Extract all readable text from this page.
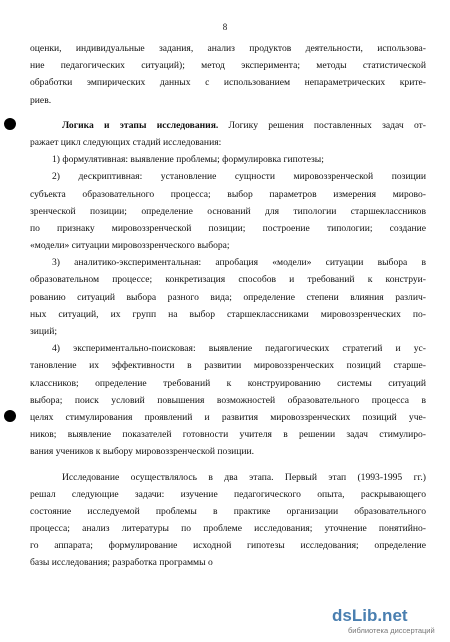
8
оценки, индивидуальные задания, анализ продуктов деятельности, использова-
ние педагогических ситуаций); метод эксперимента; методы статистической
обработки эмпирических данных с использованием непараметрических крите-
риев.
Логика и этапы исследования. Логику решения поставленных задач от-
ражает цикл следующих стадий исследования:
1) формулятивная: выявление проблемы; формулировка гипотезы;
2) дескриптивная: установление сущности мировоззренческой позиции
субъекта образовательного процесса; выбор параметров измерения мирово-
зренческой позиции; определение оснований для типологии старшеклассников
по признаку мировоззренческой позиции; построение типологии; создание
«модели» ситуации мировоззренческого выбора;
3) аналитико-экспериментальная: апробация «модели» ситуации выбора в
образовательном процессе; конкретизация способов и требований к конструи-
рованию ситуаций выбора разного вида; определение степени влияния различ-
ных ситуаций, их групп на выбор старшеклассниками мировоззренческих по-
зиций;
4) экспериментально-поисковая: выявление педагогических стратегий и ус-
тановление их эффективности в развитии мировоззренческих позиций старше-
классников; определение требований к конструированию системы ситуаций
выбора; поиск условий повышения возможностей образовательного процесса в
целях стимулирования проявлений и развития мировоззренческих позиций уче-
ников; выявление показателей готовности учителя в решении задач стимулиро-
вания учеников к выбору мировоззренческой позиции.
Исследование осуществлялось в два этапа. Первый этап (1993-1995 гг.)
решал следующие задачи: изучение педагогического опыта, раскрывающего
состояние исследуемой проблемы в практике организации образовательного
процесса; анализ литературы по проблеме исследования; уточнение понятийно-
го аппарата; формулирование исходной гипотезы исследования; определение
базы исследования; разработка программы о
dsLib.net
библиотека диссертаций
